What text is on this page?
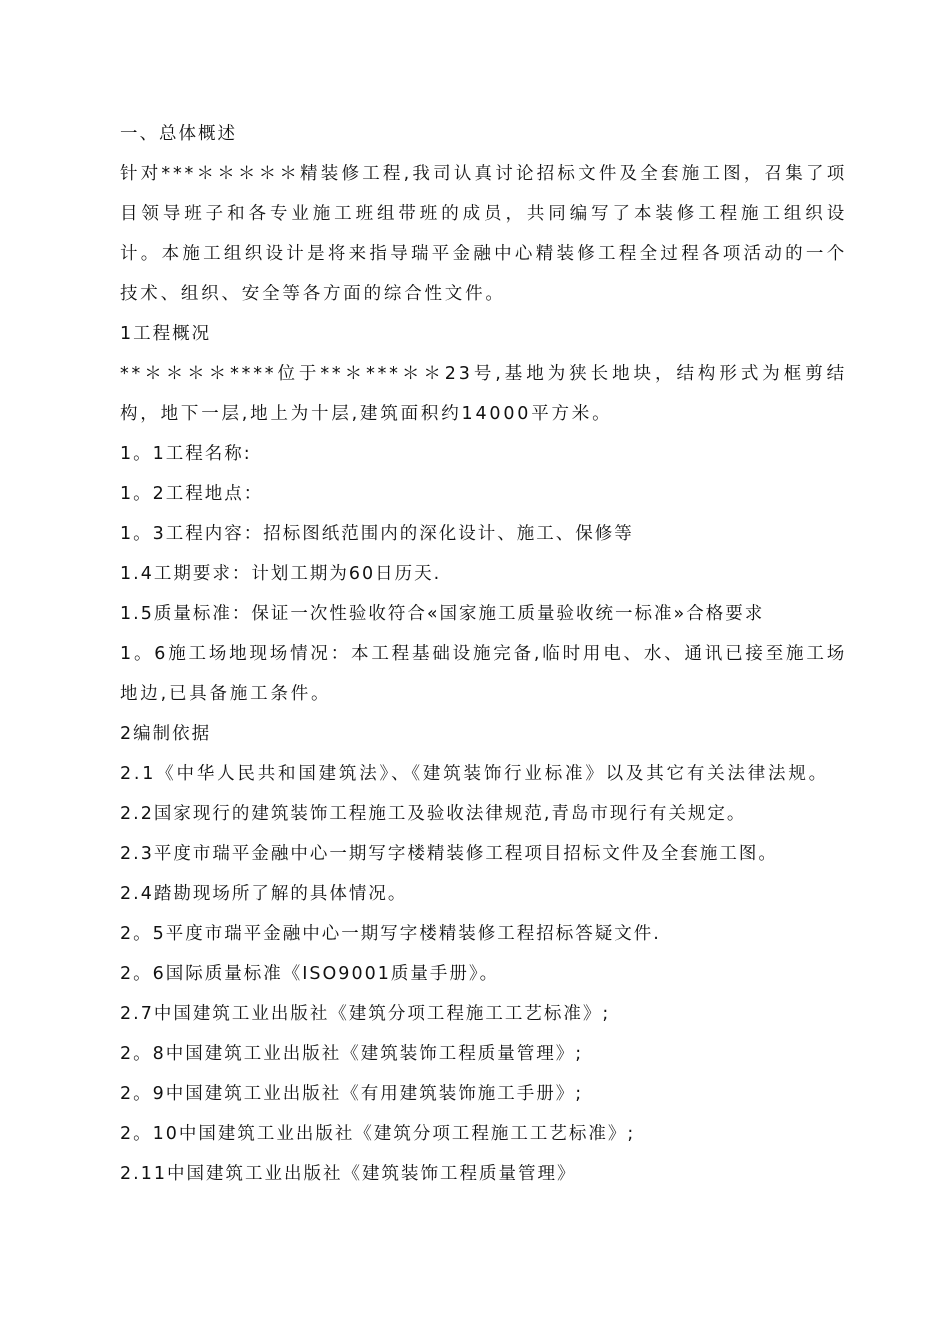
一、总体概述
针对***＊＊＊＊＊精装修工程,我司认真讨论招标文件及全套施工图，召集了项目领导班子和各专业施工班组带班的成员，共同编写了本装修工程施工组织设计。本施工组织设计是将来指导瑞平金融中心精装修工程全过程各项活动的一个技术、组织、安全等各方面的综合性文件。
1工程概况
**＊＊＊＊****位于**＊***＊＊23号,基地为狭长地块，结构形式为框剪结构，地下一层,地上为十层,建筑面积约14000平方米。
1。1工程名称:
1。2工程地点：
1。3工程内容：招标图纸范围内的深化设计、施工、保修等
1.4工期要求：计划工期为60日历天.
1.5质量标准：保证一次性验收符合«国家施工质量验收统一标准»合格要求
1。6施工场地现场情况：本工程基础设施完备,临时用电、水、通讯已接至施工场地边,已具备施工条件。
2编制依据
2.1《中华人民共和国建筑法》、《建筑装饰行业标准》以及其它有关法律法规。
2.2国家现行的建筑装饰工程施工及验收法律规范,青岛市现行有关规定。
2.3平度市瑞平金融中心一期写字楼精装修工程项目招标文件及全套施工图。
2.4踏勘现场所了解的具体情况。
2。5平度市瑞平金融中心一期写字楼精装修工程招标答疑文件.
2。6国际质量标准《ISO9001质量手册》。
2.7中国建筑工业出版社《建筑分项工程施工工艺标准》;
2。8中国建筑工业出版社《建筑装饰工程质量管理》;
2。9中国建筑工业出版社《有用建筑装饰施工手册》;
2。10中国建筑工业出版社《建筑分项工程施工工艺标准》;
2.11中国建筑工业出版社《建筑装饰工程质量管理》
